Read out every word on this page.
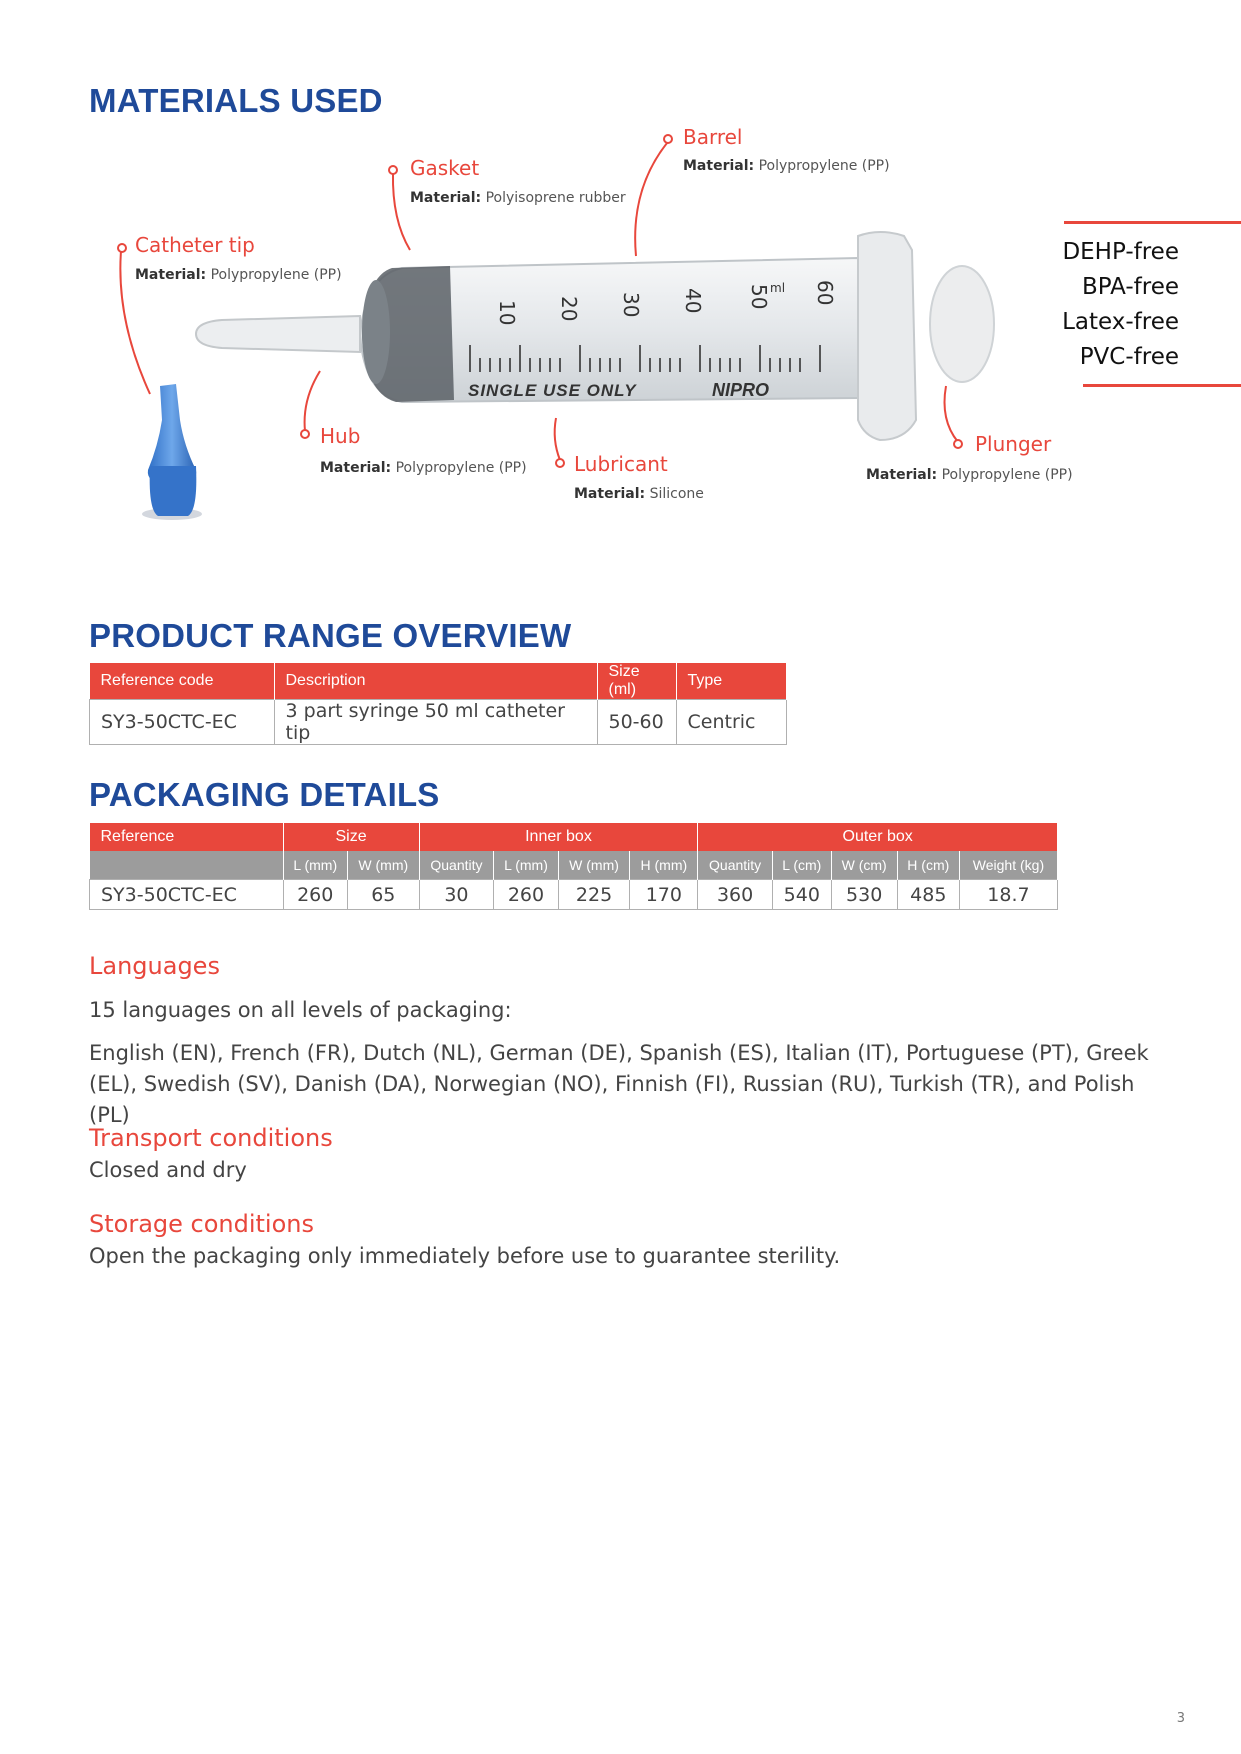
MATERIALS USED
10 20 30 40 50 60
ml
SINGLE USE ONLY	NIPRO
Gasket
Material: Polyisoprene rubber
Barrel
Material: Polypropylene (PP)
Catheter tip
Material: Polypropylene (PP)
Hub
Material: Polypropylene (PP) Lubricant
Material: Silicone
Plunger
Material: Polypropylene (PP)
DEHP-free
BPA-free
Latex-free
PVC-free
PRODUCT RANGE OVERVIEW
Reference code	Description	Size (ml)	Type
SY3-50CTC-EC	3 part syringe 50 ml catheter tip	50-60	Centric
PACKAGING DETAILS
Reference	Size		Inner box				Outer box				
	L (mm)	W (mm)	Quantity	L (mm)	W (mm)	H (mm)	Quantity	L (cm)	W (cm)	H (cm)	Weight (kg)
SY3-50CTC-EC	260	65	30	260	225	170	360	540	530	485	18.7
Languages
15 languages on all levels of packaging:
English (EN), French (FR), Dutch (NL), German (DE), Spanish (ES), Italian (IT), Portuguese (PT), Greek (EL), Swedish (SV), Danish (DA), Norwegian (NO), Finnish (FI), Russian (RU), Turkish (TR), and Polish (PL)
Transport conditions
Closed and dry
Storage conditions
Open the packaging only immediately before use to guarantee sterility.
3
